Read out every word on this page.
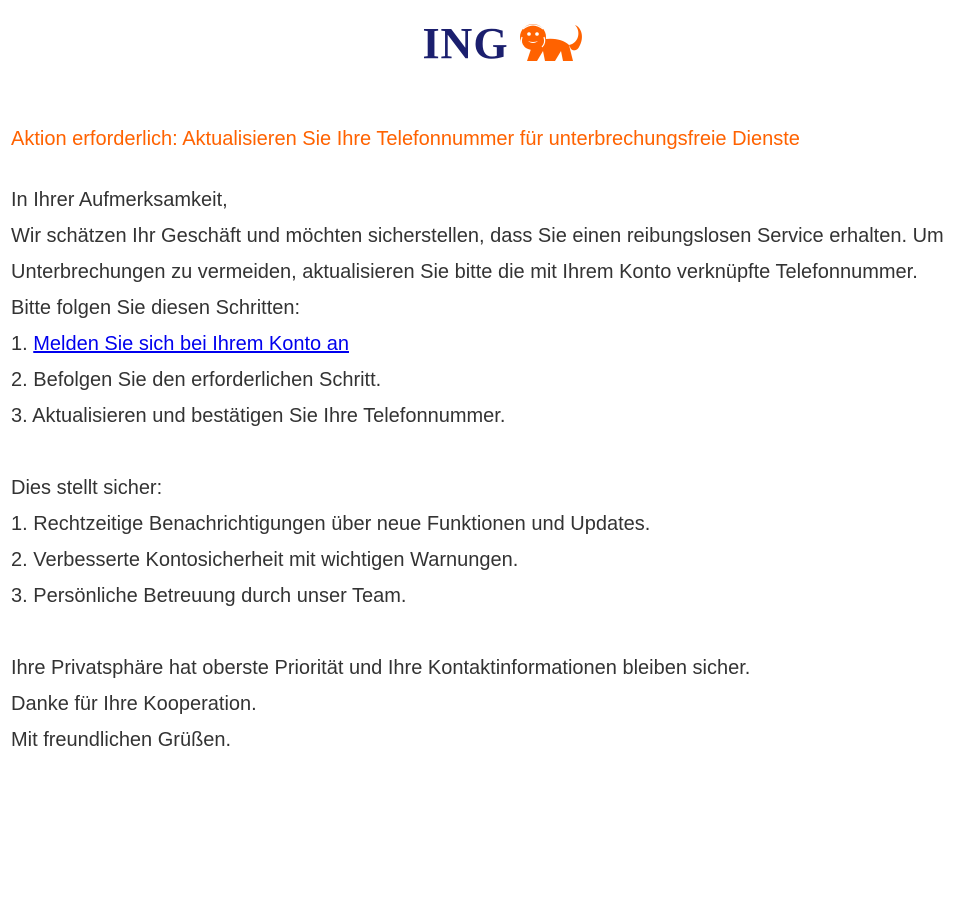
ING
Aktion erforderlich: Aktualisieren Sie Ihre Telefonnummer für unterbrechungsfreie Dienste

In Ihrer Aufmerksamkeit,

Wir schätzen Ihr Geschäft und möchten sicherstellen, dass Sie einen reibungslosen Service erhalten. Um Unterbrechungen zu vermeiden, aktualisieren Sie bitte die mit Ihrem Konto verknüpfte Telefonnummer.

Bitte folgen Sie diesen Schritten:

1. Melden Sie sich bei Ihrem Konto an

2. Befolgen Sie den erforderlichen Schritt.

3. Aktualisieren und bestätigen Sie Ihre Telefonnummer.

Dies stellt sicher:

1. Rechtzeitige Benachrichtigungen über neue Funktionen und Updates.

2. Verbesserte Kontosicherheit mit wichtigen Warnungen.

3. Persönliche Betreuung durch unser Team.

Ihre Privatsphäre hat oberste Priorität und Ihre Kontaktinformationen bleiben sicher.

Danke für Ihre Kooperation.

Mit freundlichen Grüßen.
